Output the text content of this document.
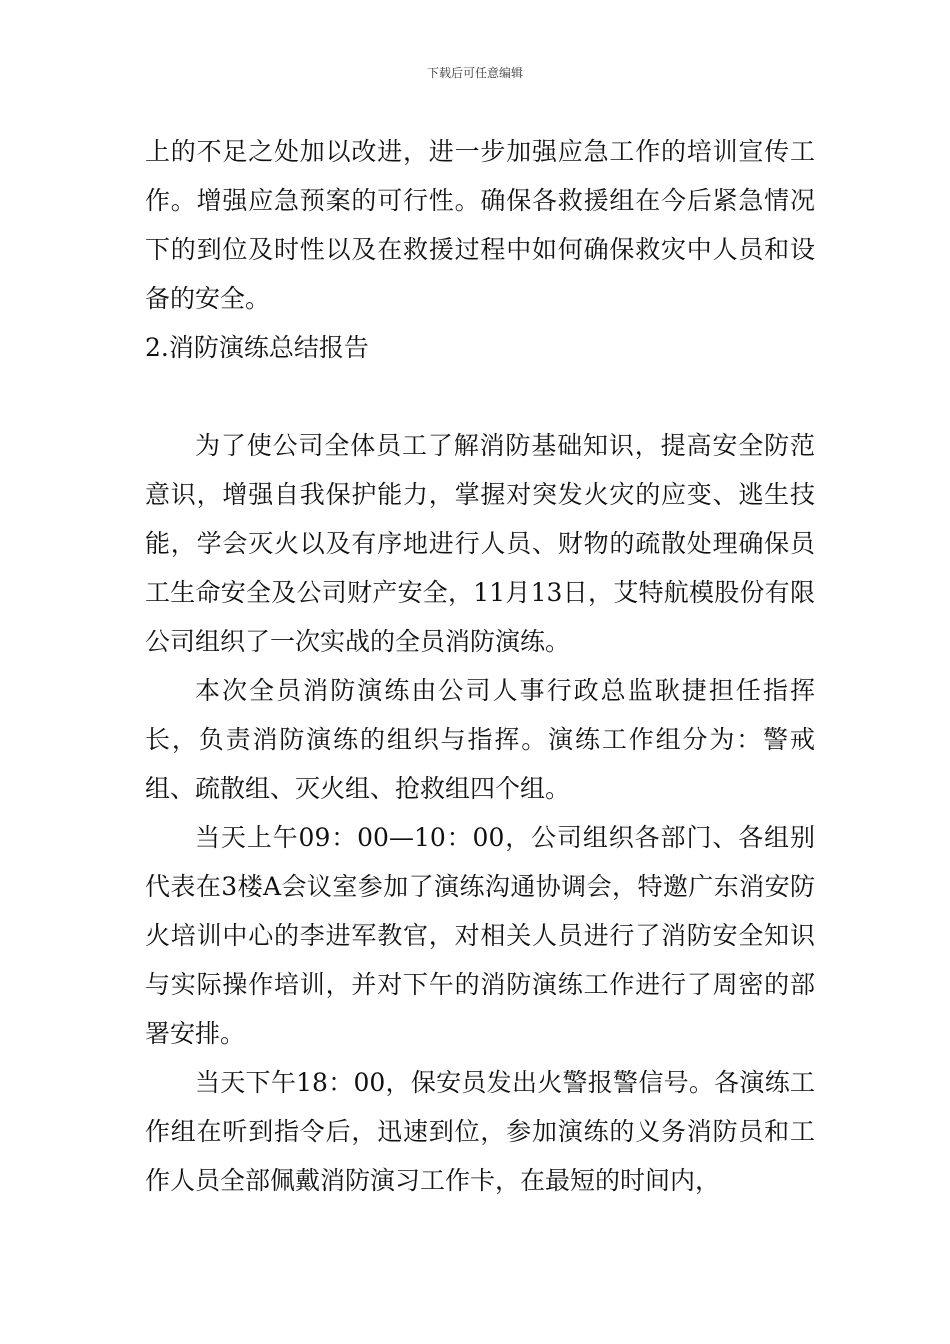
下载后可任意编辑

上的不足之处加以改进，进一步加强应急工作的培训宣传工作。增强应急预案的可行性。确保各救援组在今后紧急情况下的到位及时性以及在救援过程中如何确保救灾中人员和设备的安全。

2.消防演练总结报告

为了使公司全体员工了解消防基础知识，提高安全防范意识，增强自我保护能力，掌握对突发火灾的应变、逃生技能，学会灭火以及有序地进行人员、财物的疏散处理确保员工生命安全及公司财产安全，11月13日，艾特航模股份有限公司组织了一次实战的全员消防演练。

本次全员消防演练由公司人事行政总监耿捷担任指挥长，负责消防演练的组织与指挥。演练工作组分为：警戒组、疏散组、灭火组、抢救组四个组。

当天上午09：00—10：00，公司组织各部门、各组别代表在3楼A会议室参加了演练沟通协调会，特邀广东消安防火培训中心的李进军教官，对相关人员进行了消防安全知识与实际操作培训，并对下午的消防演练工作进行了周密的部署安排。

当天下午18：00，保安员发出火警报警信号。各演练工作组在听到指令后，迅速到位，参加演练的义务消防员和工作人员全部佩戴消防演习工作卡，在最短的时间内，
